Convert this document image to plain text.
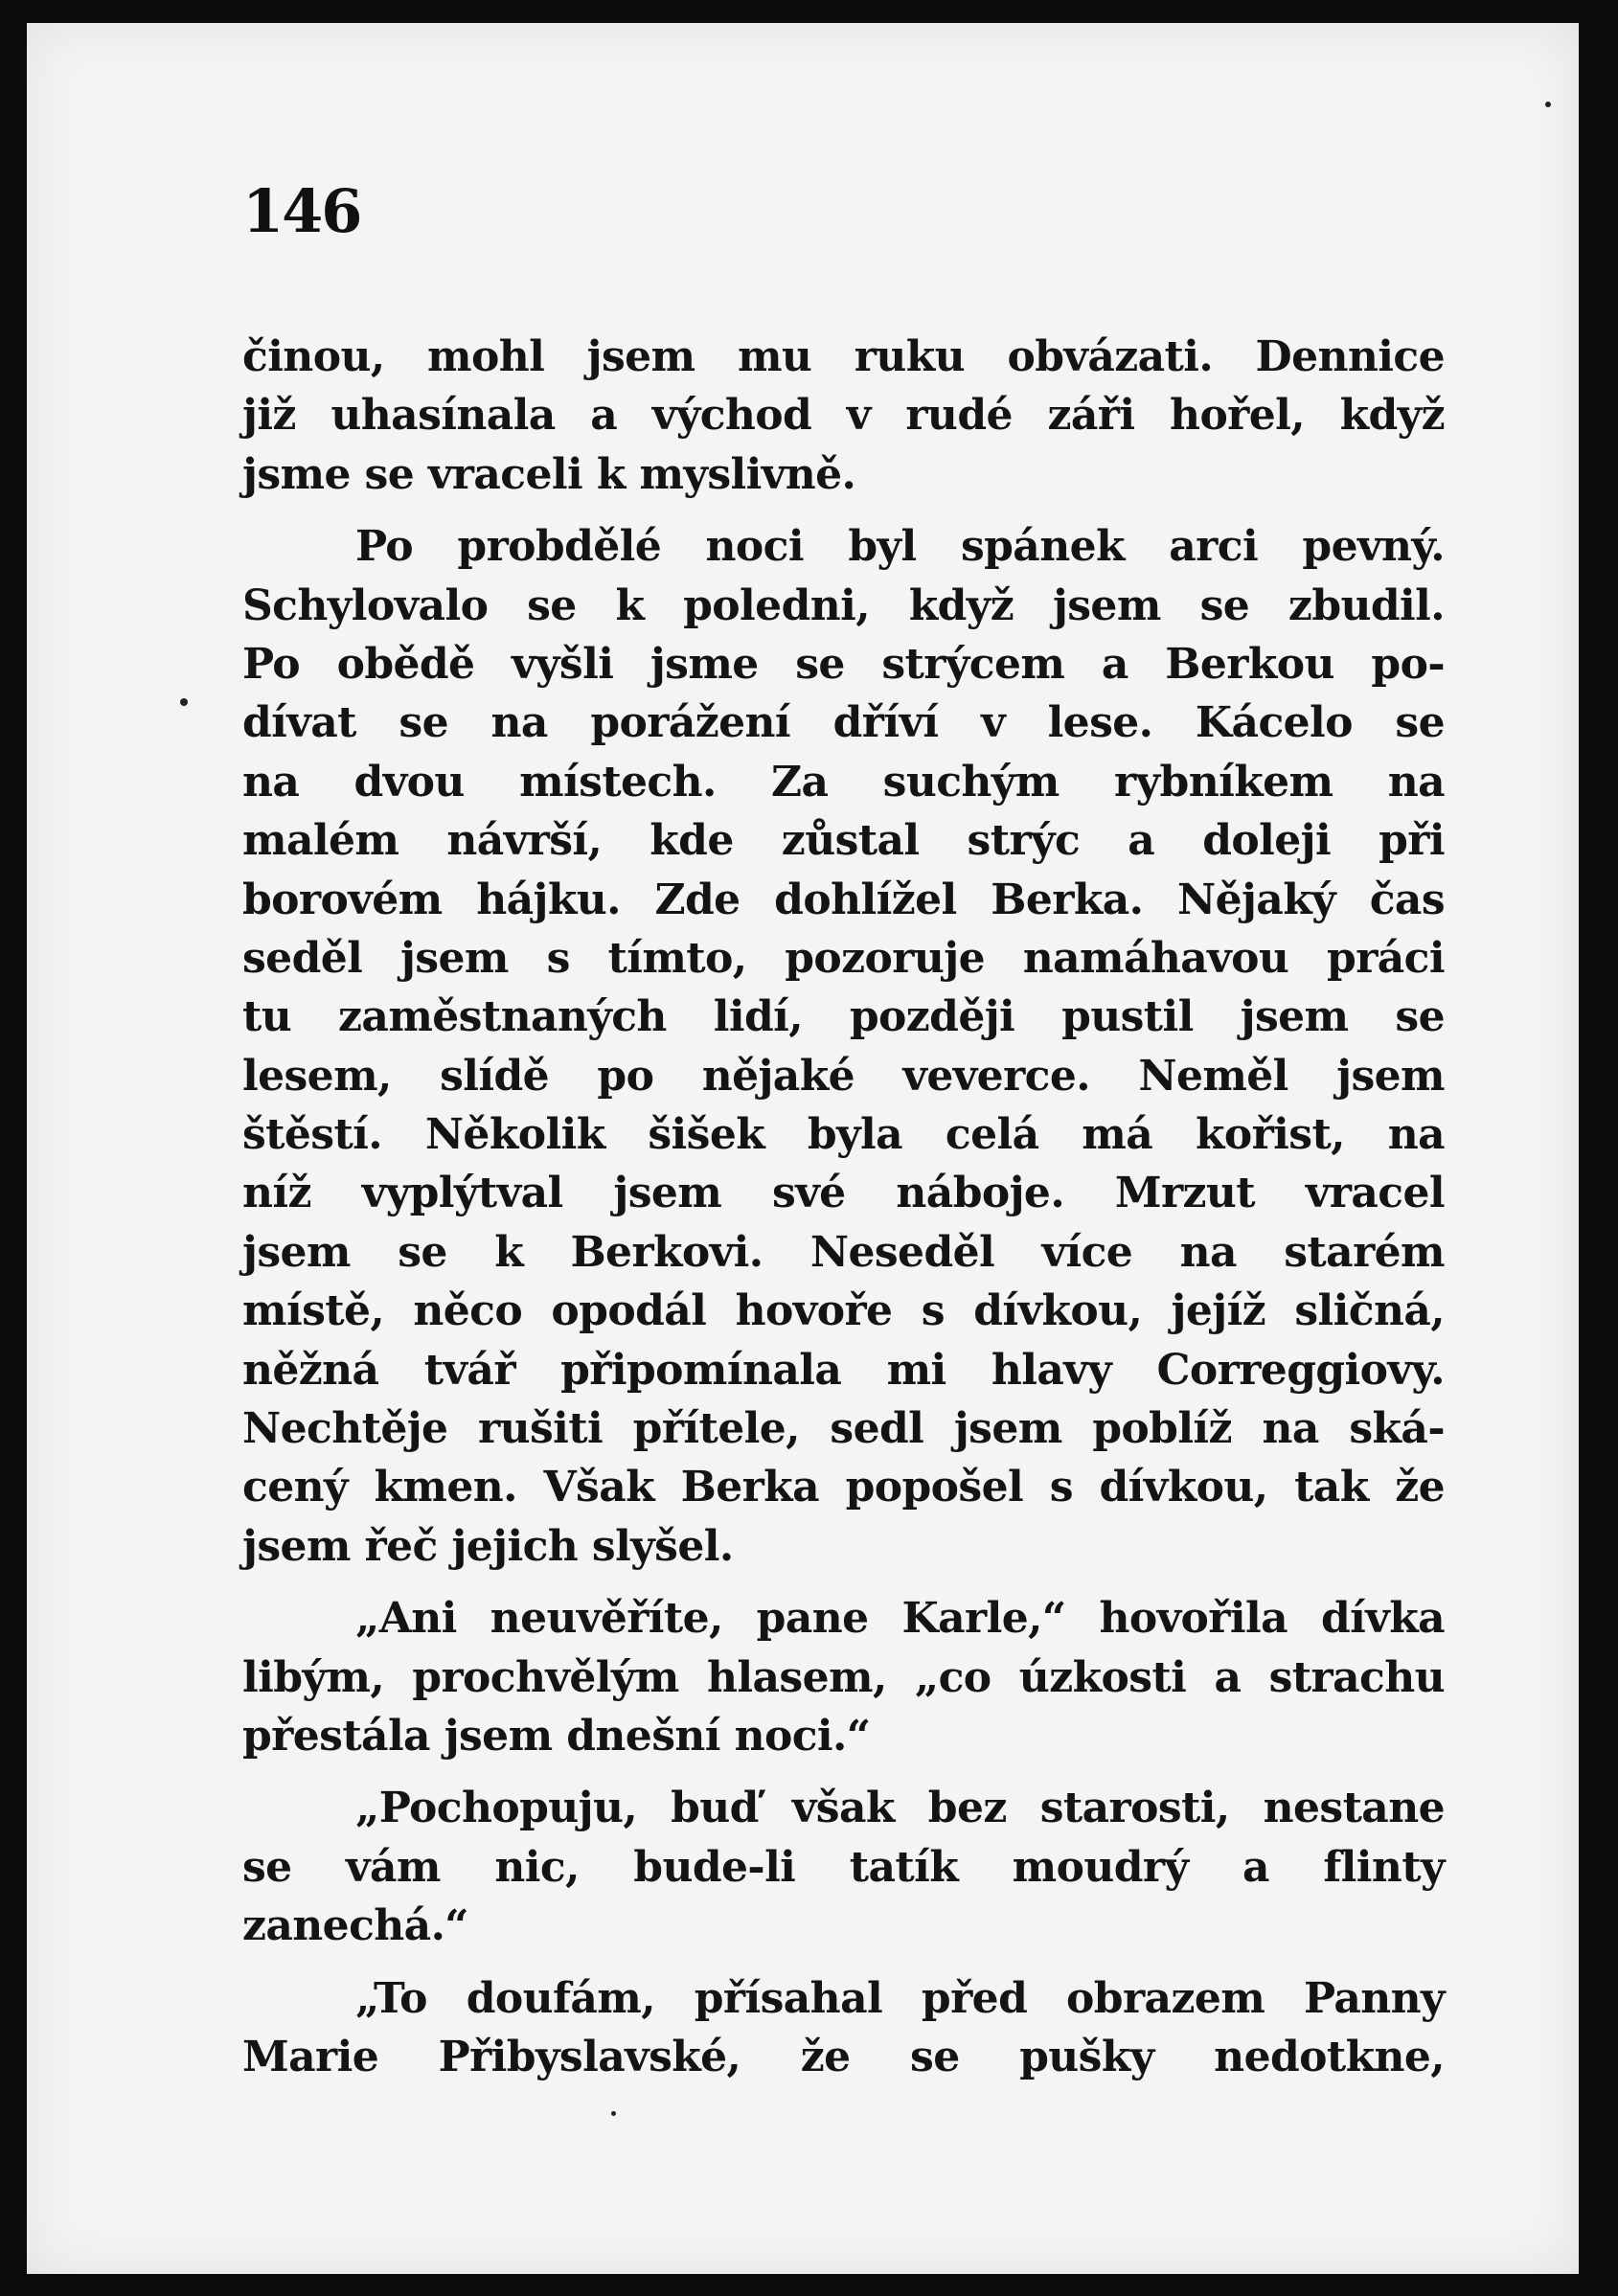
146
činou, mohl jsem mu ruku obvázati. Dennice
již uhasínala a východ v rudé záři hořel, když
jsme se vraceli k myslivně.
Po probdělé noci byl spánek arci pevný.
Schylovalo se k poledni, když jsem se zbudil.
Po obědě vyšli jsme se strýcem a Berkou po-
dívat se na porážení dříví v lese. Kácelo se
na dvou místech. Za suchým rybníkem na
malém návrší, kde zůstal strýc a doleji při
borovém hájku. Zde dohlížel Berka. Nějaký čas
seděl jsem s tímto, pozoruje namáhavou práci
tu zaměstnaných lidí, později pustil jsem se
lesem, slídě po nějaké veverce. Neměl jsem
štěstí. Několik šišek byla celá má kořist, na
níž vyplýtval jsem své náboje. Mrzut vracel
jsem se k Berkovi. Neseděl více na starém
místě, něco opodál hovoře s dívkou, jejíž sličná,
něžná tvář připomínala mi hlavy Correggiovy.
Nechtěje rušiti přítele, sedl jsem poblíž na ská-
cený kmen. Však Berka popošel s dívkou, tak že
jsem řeč jejich slyšel.
„Ani neuvěříte, pane Karle,“ hovořila dívka
libým, prochvělým hlasem, „co úzkosti a strachu
přestála jsem dnešní noci.“
„Pochopuju, buď však bez starosti, nestane
se vám nic, bude-li tatík moudrý a flinty
zanechá.“
„To doufám, přísahal před obrazem Panny
Marie Přibyslavské, že se pušky nedotkne,
